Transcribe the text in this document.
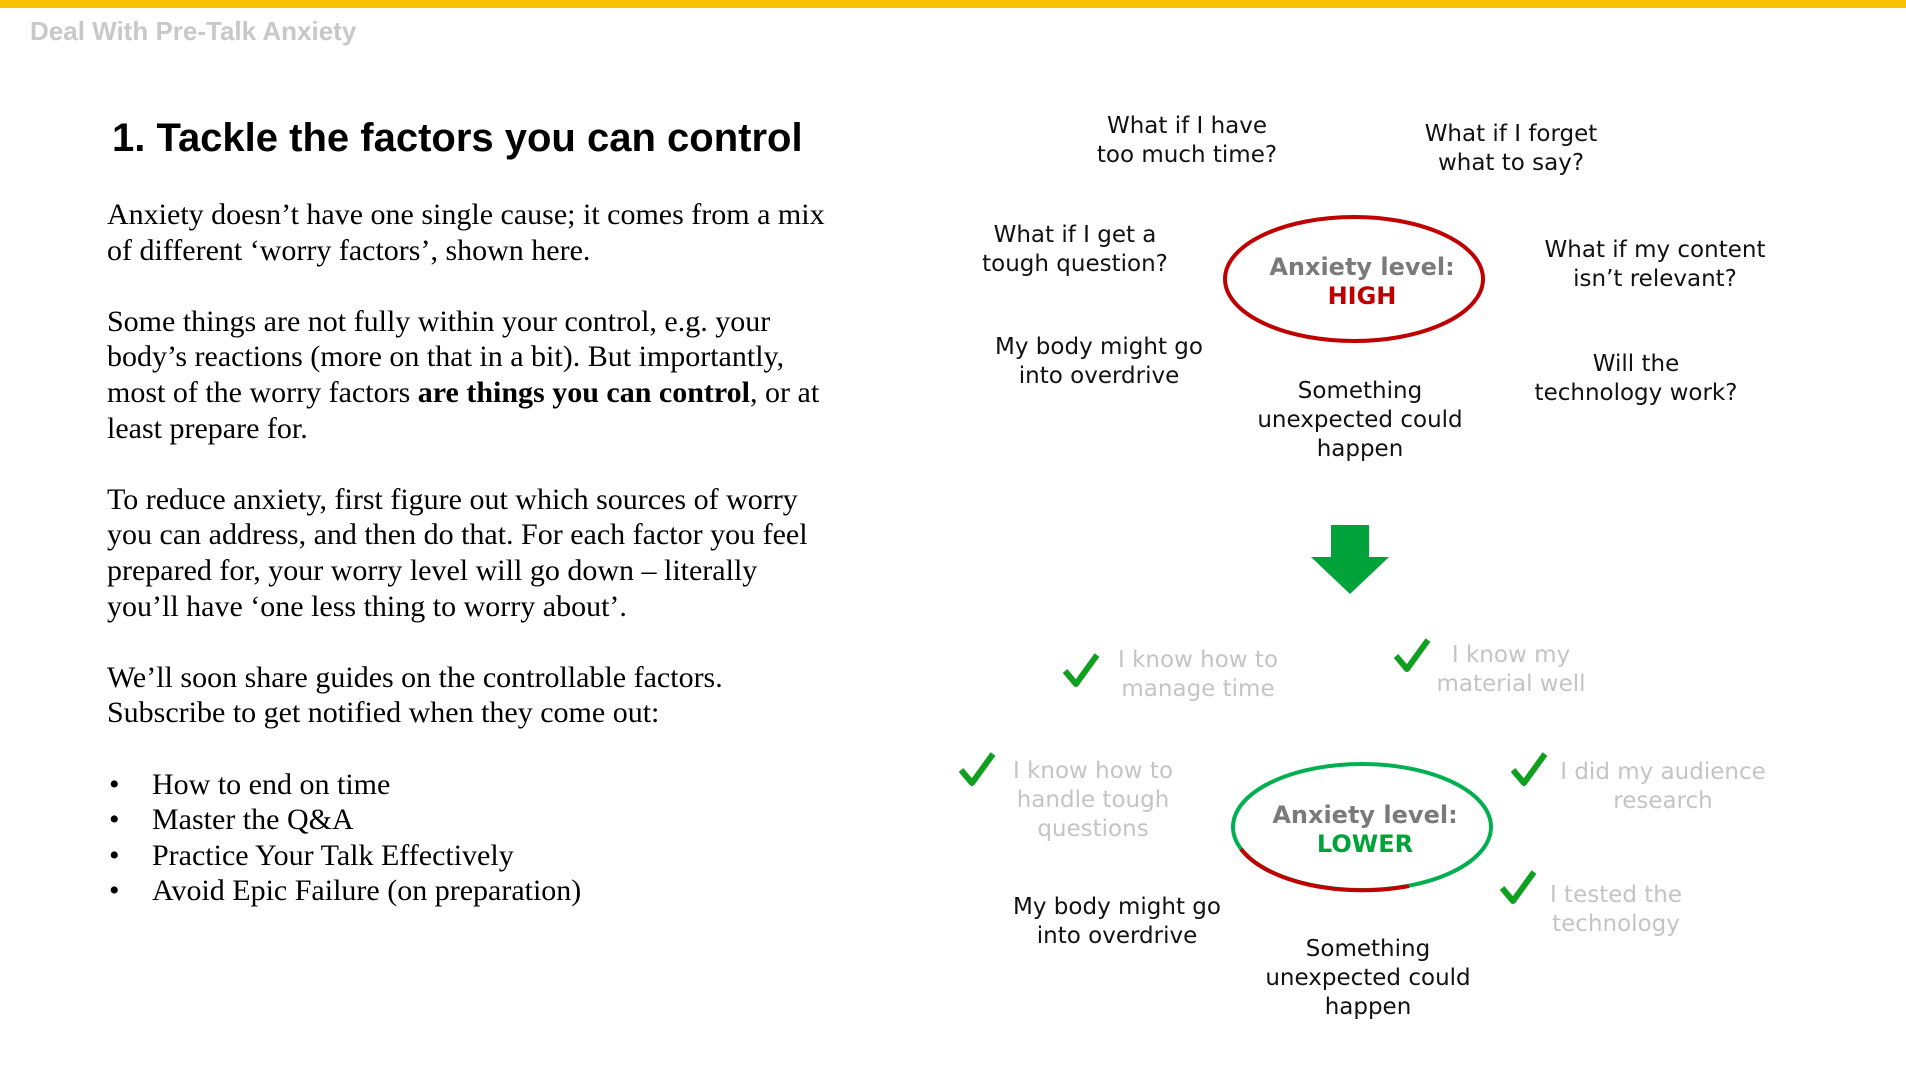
Deal With Pre-Talk Anxiety
1. Tackle the factors you can control

Anxiety doesn’t have one single cause; it comes from a mix of different ‘worry factors’, shown here.

Some things are not fully within your control, e.g. your body’s reactions (more on that in a bit). But importantly, most of the worry factors are things you can control, or at least prepare for.

To reduce anxiety, first figure out which sources of worry you can address, and then do that. For each factor you feel prepared for, your worry level will go down – literally you’ll have ‘one less thing to worry about’.

We’ll soon share guides on the controllable factors. Subscribe to get notified when they come out:

• How to end on time
• Master the Q&A
• Practice Your Talk Effectively
• Avoid Epic Failure (on preparation)
What if I have
too much time?
What if I forget
what to say?
What if I get a
tough question?
What if my content
isn’t relevant?
My body might go
into overdrive	Will the
technology work?
Something
unexpected could
happen
Anxiety level:
HIGH
I know how to
manage time
I know my
material well
I know how to
handle tough
questions
I did my audience
research
I tested the
technology
My body might go
into overdrive	Something
unexpected could
happen
Anxiety level:
LOWER
